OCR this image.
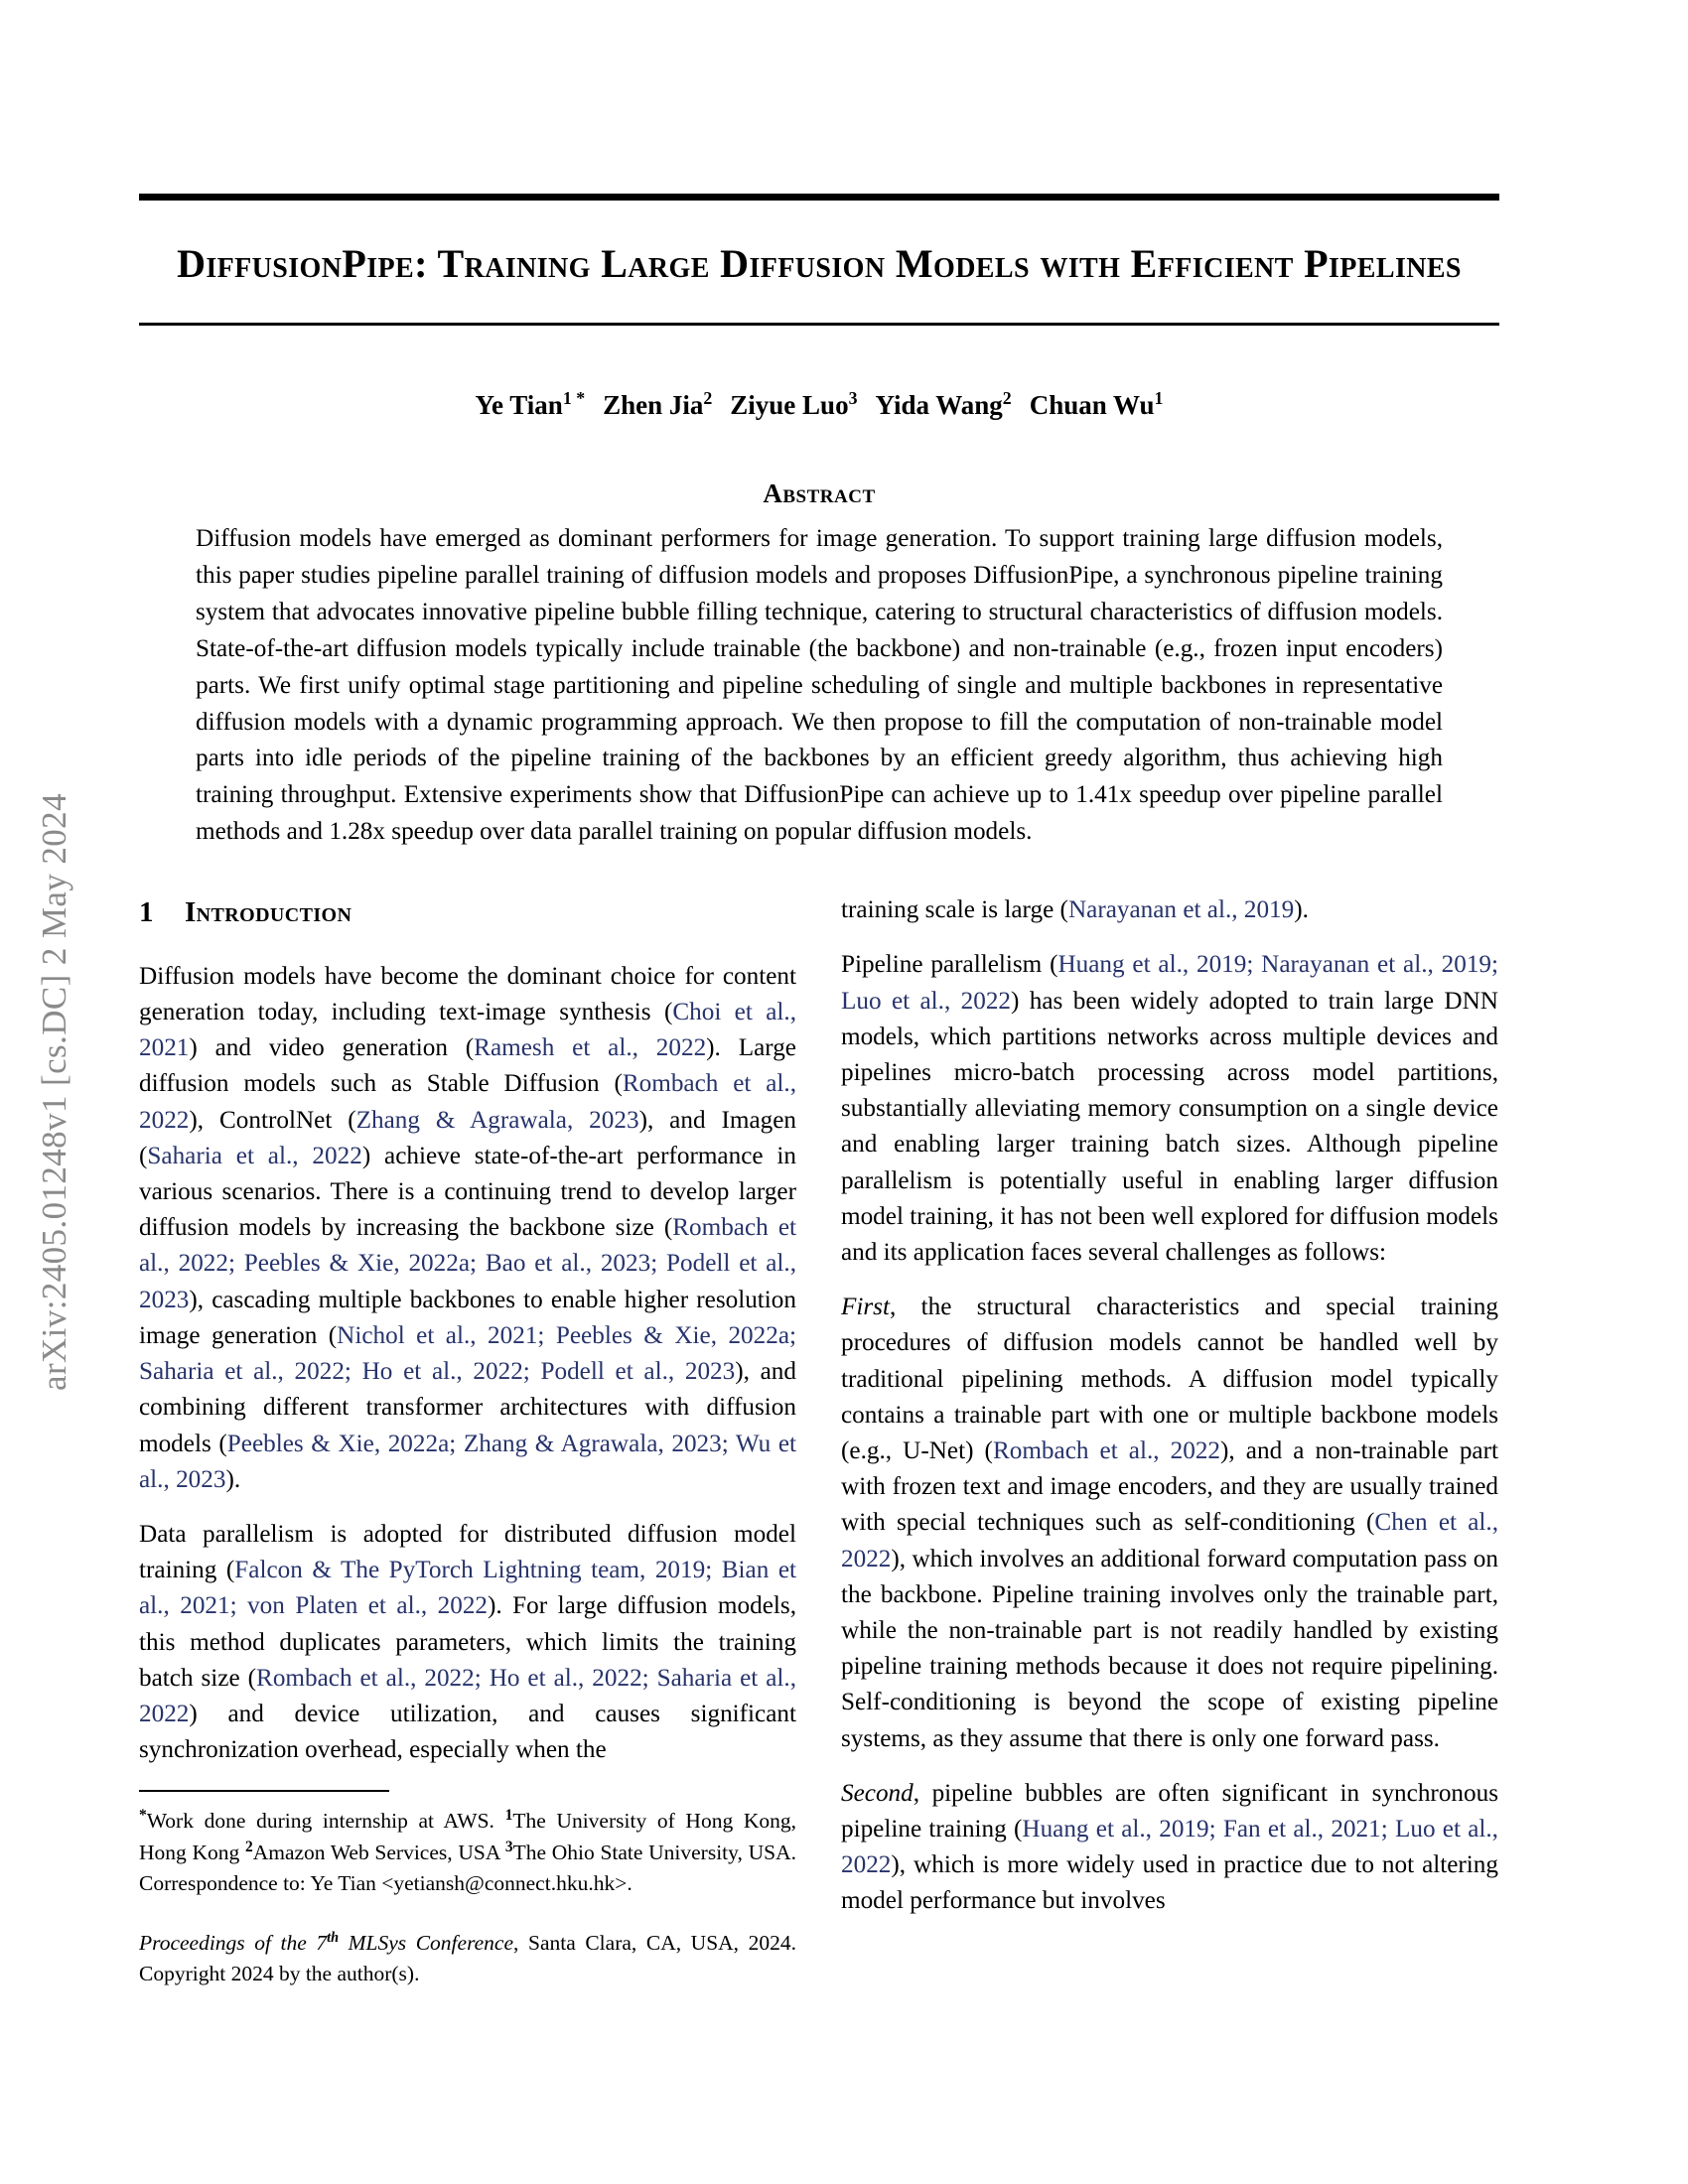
arXiv:2405.01248v1 [cs.DC] 2 May 2024
DiffusionPipe: Training Large Diffusion Models with Efficient Pipelines
Ye Tian$^{1 *}$ Zhen Jia$^2$ Ziyue Luo$^3$ Yida Wang$^2$ Chuan Wu$^1$
Abstract
Diffusion models have emerged as dominant performers for image generation. To support training large diffusion models, this paper studies pipeline parallel training of diffusion models and proposes DiffusionPipe, a synchronous pipeline training system that advocates innovative pipeline bubble filling technique, catering to structural characteristics of diffusion models. State-of-the-art diffusion models typically include trainable (the backbone) and non-trainable (e.g., frozen input encoders) parts. We first unify optimal stage partitioning and pipeline scheduling of single and multiple backbones in representative diffusion models with a dynamic programming approach. We then propose to fill the computation of non-trainable model parts into idle periods of the pipeline training of the backbones by an efficient greedy algorithm, thus achieving high training throughput. Extensive experiments show that DiffusionPipe can achieve up to 1.41x speedup over pipeline parallel methods and 1.28x speedup over data parallel training on popular diffusion models.
1 Introduction

Diffusion models have become the dominant choice for content generation today, including text-image synthesis (Choi et al., 2021) and video generation (Ramesh et al., 2022). Large diffusion models such as Stable Diffusion (Rombach et al., 2022), ControlNet (Zhang & Agrawala, 2023), and Imagen (Saharia et al., 2022) achieve state-of-the-art performance in various scenarios. There is a continuing trend to develop larger diffusion models by increasing the backbone size (Rombach et al., 2022; Peebles & Xie, 2022a; Bao et al., 2023; Podell et al., 2023), cascading multiple backbones to enable higher resolution image generation (Nichol et al., 2021; Peebles & Xie, 2022a; Saharia et al., 2022; Ho et al., 2022; Podell et al., 2023), and combining different transformer architectures with diffusion models (Peebles & Xie, 2022a; Zhang & Agrawala, 2023; Wu et al., 2023).

Data parallelism is adopted for distributed diffusion model training (Falcon & The PyTorch Lightning team, 2019; Bian et al., 2021; von Platen et al., 2022). For large diffusion models, this method duplicates parameters, which limits the training batch size (Rombach et al., 2022; Ho et al., 2022; Saharia et al., 2022) and device utilization, and causes significant synchronization overhead, especially when the

*Work done during internship at AWS. $^1$The University of Hong Kong, Hong Kong $^2$Amazon Web Services, USA $^3$The Ohio State University, USA. Correspondence to: Ye Tian <yetiansh@connect.hku.hk>.
Proceedings of the 7th MLSys Conference, Santa Clara, CA, USA, 2024. Copyright 2024 by the author(s).

training scale is large (Narayanan et al., 2019).

Pipeline parallelism (Huang et al., 2019; Narayanan et al., 2019; Luo et al., 2022) has been widely adopted to train large DNN models, which partitions networks across multiple devices and pipelines micro-batch processing across model partitions, substantially alleviating memory consumption on a single device and enabling larger training batch sizes. Although pipeline parallelism is potentially useful in enabling larger diffusion model training, it has not been well explored for diffusion models and its application faces several challenges as follows:

First, the structural characteristics and special training procedures of diffusion models cannot be handled well by traditional pipelining methods. A diffusion model typically contains a trainable part with one or multiple backbone models (e.g., U-Net) (Rombach et al., 2022), and a non-trainable part with frozen text and image encoders, and they are usually trained with special techniques such as self-conditioning (Chen et al., 2022), which involves an additional forward computation pass on the backbone. Pipeline training involves only the trainable part, while the non-trainable part is not readily handled by existing pipeline training methods because it does not require pipelining. Self-conditioning is beyond the scope of existing pipeline systems, as they assume that there is only one forward pass.

Second, pipeline bubbles are often significant in synchronous pipeline training (Huang et al., 2019; Fan et al., 2021; Luo et al., 2022), which is more widely used in practice due to not altering model performance but involves
